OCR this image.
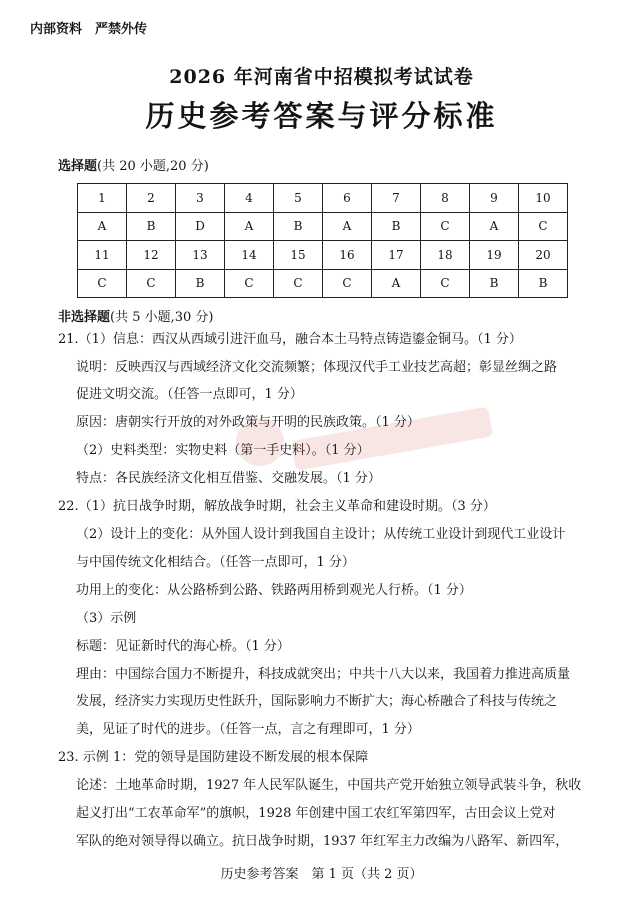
内部资料　严禁外传
2026 年河南省中招模拟考试试卷
历史参考答案与评分标准
选择题(共 20 小题,20 分)
1	2	3	4	5	6	7	8	9	10
A	B	D	A	B	A	B	C	A	C
11	12	13	14	15	16	17	18	19	20
C	C	B	C	C	C	A	C	B	B
非选择题(共 5 小题,30 分)
21.（1）信息：西汉从西域引进汗血马，融合本土马特点铸造鎏金铜马。（1 分）
说明：反映西汉与西域经济文化交流频繁；体现汉代手工业技艺高超；彰显丝绸之路
促进文明交流。（任答一点即可，1 分）
原因：唐朝实行开放的对外政策与开明的民族政策。（1 分）
（2）史料类型：实物史料（第一手史料）。（1 分）
特点：各民族经济文化相互借鉴、交融发展。（1 分）
22.（1）抗日战争时期，解放战争时期，社会主义革命和建设时期。（3 分）
（2）设计上的变化：从外国人设计到我国自主设计；从传统工业设计到现代工业设计
与中国传统文化相结合。（任答一点即可，1 分）
功用上的变化：从公路桥到公路、铁路两用桥到观光人行桥。（1 分）
（3）示例
标题：见证新时代的海心桥。（1 分）
理由：中国综合国力不断提升，科技成就突出；中共十八大以来，我国着力推进高质量
发展，经济实力实现历史性跃升，国际影响力不断扩大；海心桥融合了科技与传统之
美，见证了时代的进步。（任答一点，言之有理即可，1 分）
23. 示例 1：党的领导是国防建设不断发展的根本保障
论述：土地革命时期，1927 年人民军队诞生，中国共产党开始独立领导武装斗争，秋收
起义打出“工农革命军”的旗帜，1928 年创建中国工农红军第四军，古田会议上党对
军队的绝对领导得以确立。抗日战争时期，1937 年红军主力改编为八路军、新四军，
历史参考答案　第 1 页（共 2 页）
